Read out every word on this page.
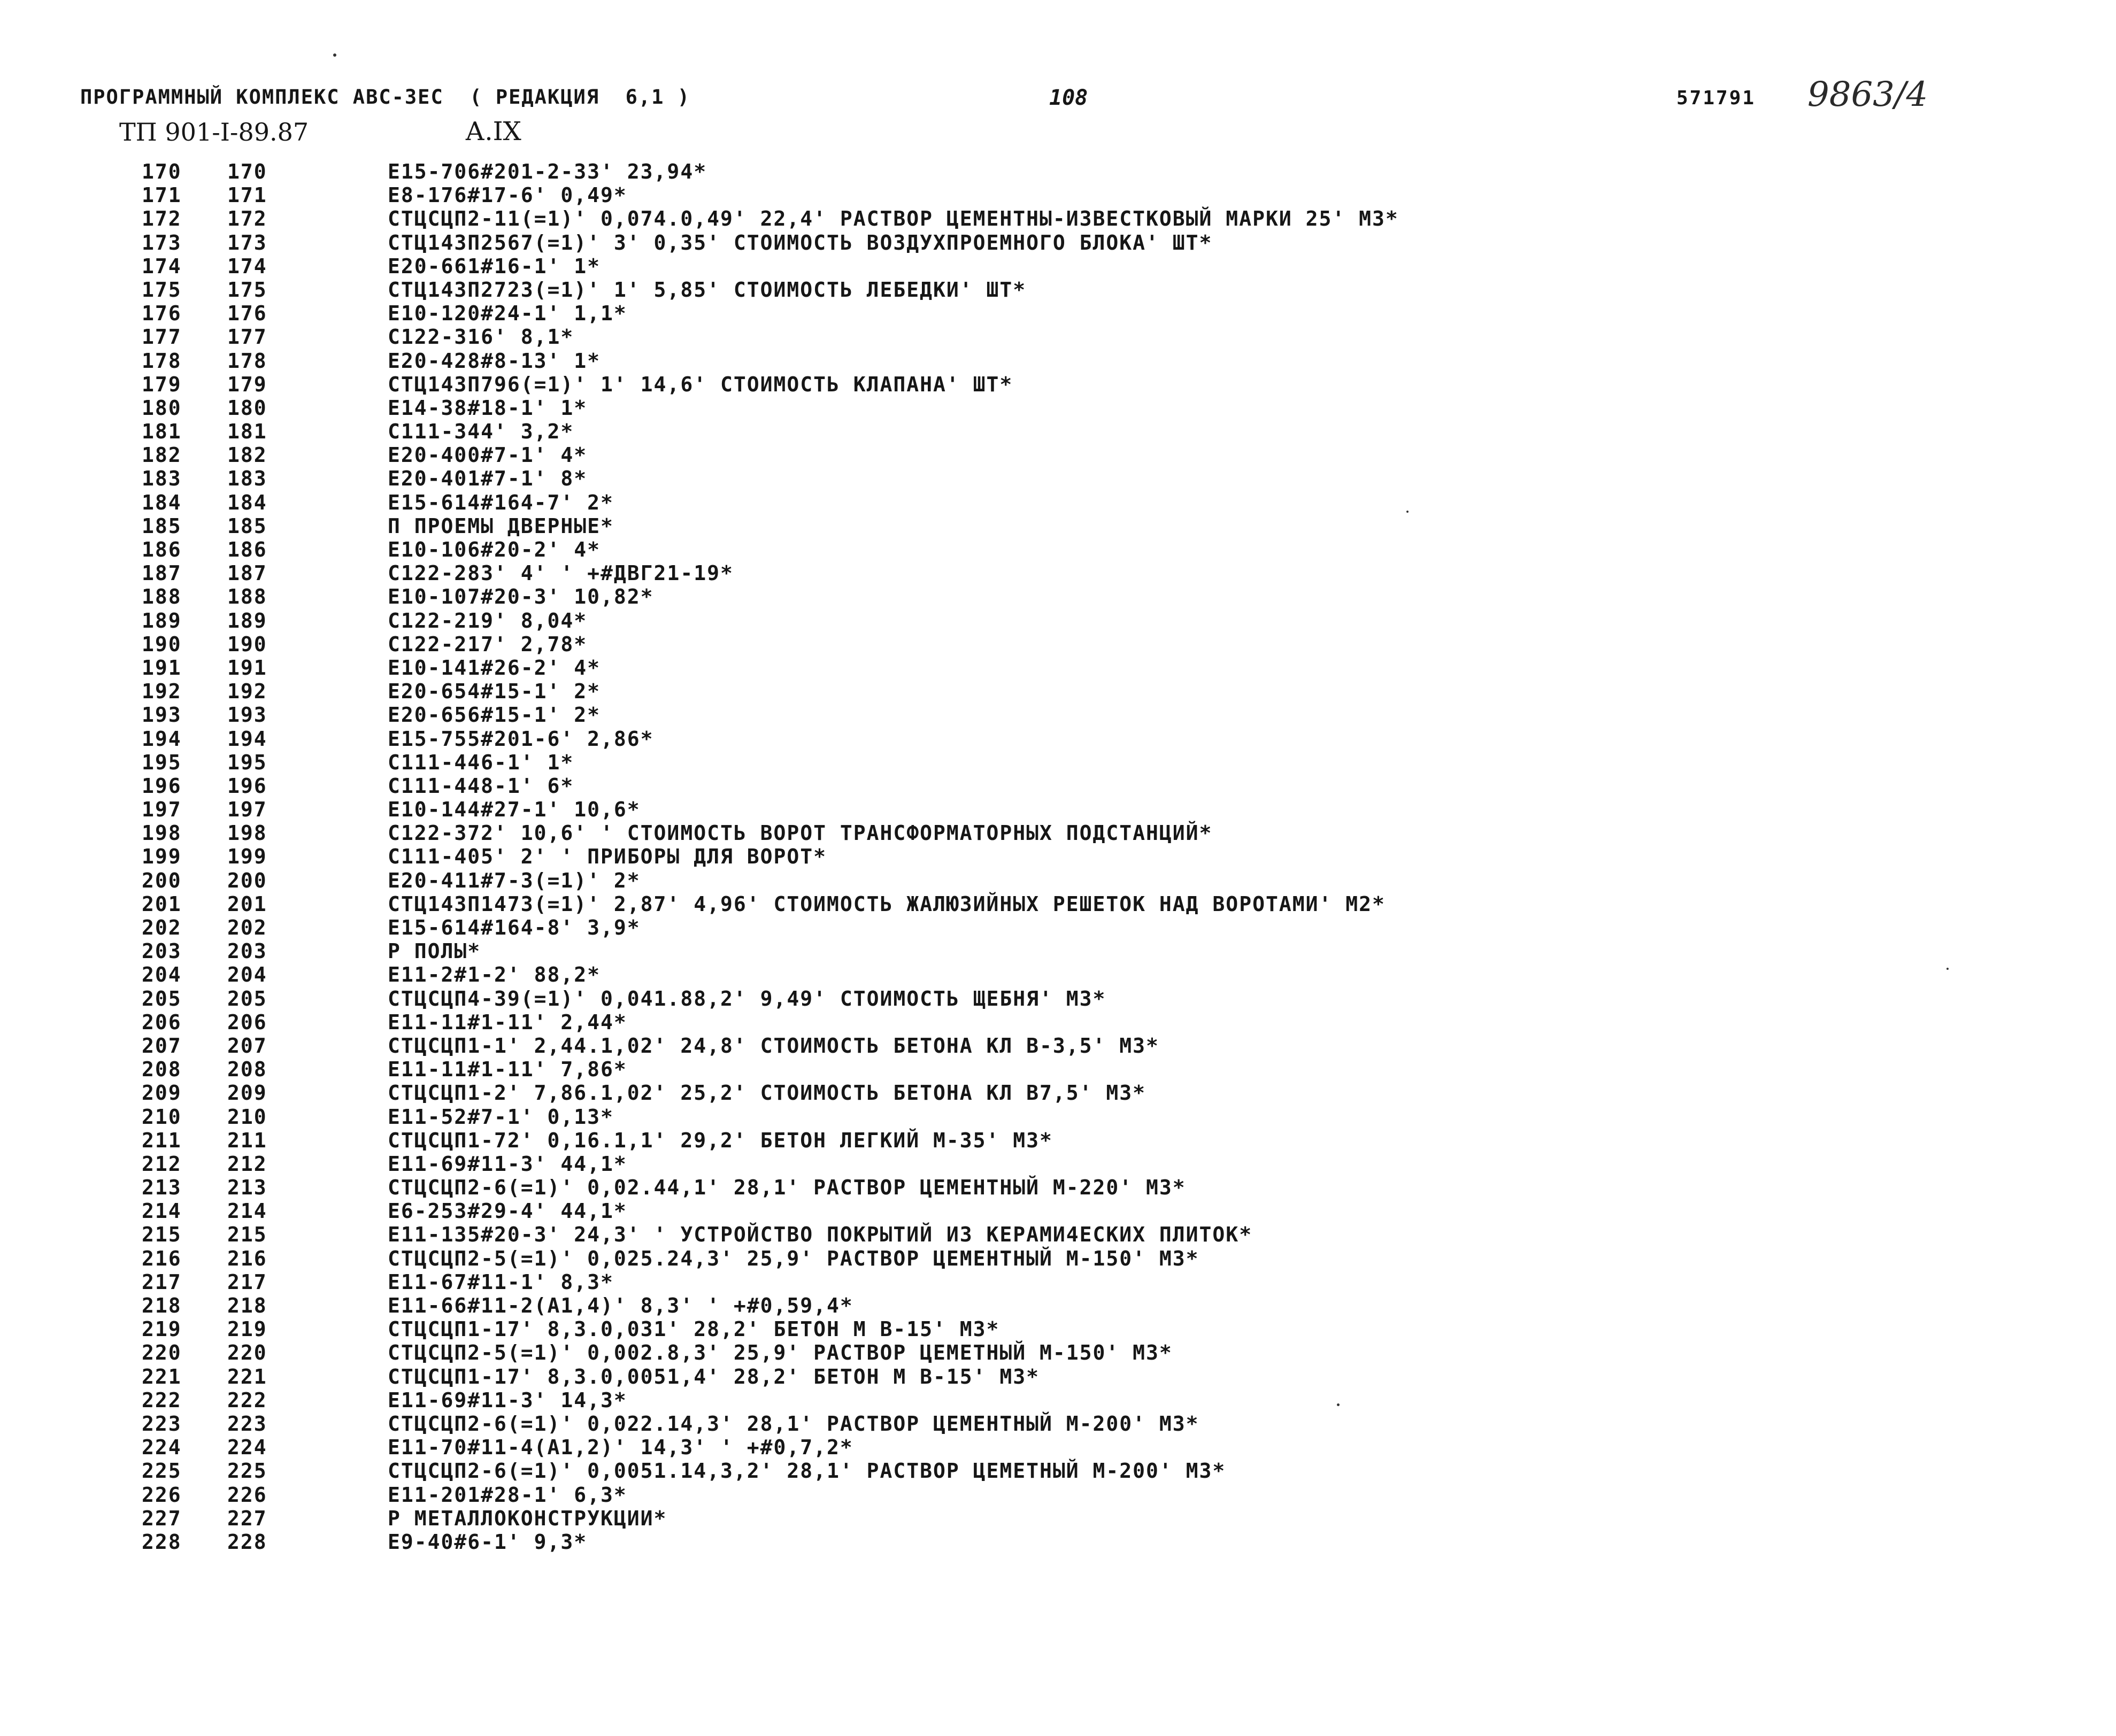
ПРОГРАММНЫЙ КОМПЛЕКС АВС-3ЕС  ( РЕДАКЦИЯ  6,1 )	108	571791 9863/4
ТП 901-I-89.87	А.IX
170 170	Е15-706#201-2-33' 23,94*
171 171	Е8-176#17-6' 0,49*
172 172	СТЦСЦП2-11(=1)' 0,074.0,49' 22,4' РАСТВОР ЦЕМЕНТНЫ-ИЗВЕСТКОВЫЙ МАРКИ 25' М3*
173 173	СТЦ143П2567(=1)' 3' 0,35' СТОИМОСТЬ ВОЗДУХПРОЕМНОГО БЛОКА' ШТ*
174 174	Е20-661#16-1' 1*
175 175	СТЦ143П2723(=1)' 1' 5,85' СТОИМОСТЬ ЛЕБЕДКИ' ШТ*
176 176	Е10-120#24-1' 1,1*
177 177	С122-316' 8,1*
178 178	Е20-428#8-13' 1*
179 179	СТЦ143П796(=1)' 1' 14,6' СТОИМОСТЬ КЛАПАНА' ШТ*
180 180	Е14-38#18-1' 1*
181 181	С111-344' 3,2*
182 182	Е20-400#7-1' 4*
183 183	Е20-401#7-1' 8*
184 184	Е15-614#164-7' 2*
185 185	П ПРОЕМЫ ДВЕРНЫЕ*
186 186	Е10-106#20-2' 4*
187 187	С122-283' 4' ' +#ДВГ21-19*
188 188	Е10-107#20-3' 10,82*
189 189	С122-219' 8,04*
190 190	С122-217' 2,78*
191 191	Е10-141#26-2' 4*
192 192	Е20-654#15-1' 2*
193 193	Е20-656#15-1' 2*
194 194	Е15-755#201-6' 2,86*
195 195	С111-446-1' 1*
196 196	С111-448-1' 6*
197 197	Е10-144#27-1' 10,6*
198 198	С122-372' 10,6' ' СТОИМОСТЬ ВОРОТ ТРАНСФОРМАТОРНЫХ ПОДСТАНЦИЙ*
199 199	С111-405' 2' ' ПРИБОРЫ ДЛЯ ВОРОТ*
200 200	Е20-411#7-3(=1)' 2*
201 201	СТЦ143П1473(=1)' 2,87' 4,96' СТОИМОСТЬ ЖАЛЮЗИЙНЫХ РЕШЕТОК НАД ВОРОТАМИ' М2*
202 202	Е15-614#164-8' 3,9*
203 203	Р ПОЛЫ*
204 204	Е11-2#1-2' 88,2*
205 205	СТЦСЦП4-39(=1)' 0,041.88,2' 9,49' СТОИМОСТЬ ЩЕБНЯ' М3*
206 206	Е11-11#1-11' 2,44*
207 207	СТЦСЦП1-1' 2,44.1,02' 24,8' СТОИМОСТЬ БЕТОНА КЛ В-3,5' М3*
208 208	Е11-11#1-11' 7,86*
209 209	СТЦСЦП1-2' 7,86.1,02' 25,2' СТОИМОСТЬ БЕТОНА КЛ В7,5' М3*
210 210	Е11-52#7-1' 0,13*
211 211	СТЦСЦП1-72' 0,16.1,1' 29,2' БЕТОН ЛЕГКИЙ М-35' М3*
212 212	Е11-69#11-3' 44,1*
213 213	СТЦСЦП2-6(=1)' 0,02.44,1' 28,1' РАСТВОР ЦЕМЕНТНЫЙ М-220' М3*
214 214	Е6-253#29-4' 44,1*
215 215	Е11-135#20-3' 24,3' ' УСТРОЙСТВО ПОКРЫТИЙ ИЗ КЕРАМИ4ЕСКИХ ПЛИТОК*
216 216	СТЦСЦП2-5(=1)' 0,025.24,3' 25,9' РАСТВОР ЦЕМЕНТНЫЙ М-150' М3*
217 217	Е11-67#11-1' 8,3*
218 218	Е11-66#11-2(А1,4)' 8,3' ' +#0,59,4*
219 219	СТЦСЦП1-17' 8,3.0,031' 28,2' БЕТОН М В-15' М3*
220 220	СТЦСЦП2-5(=1)' 0,002.8,3' 25,9' РАСТВОР ЦЕМЕТНЫЙ М-150' М3*
221 221	СТЦСЦП1-17' 8,3.0,0051,4' 28,2' БЕТОН М В-15' М3*
222 222	Е11-69#11-3' 14,3*
223 223	СТЦСЦП2-6(=1)' 0,022.14,3' 28,1' РАСТВОР ЦЕМЕНТНЫЙ М-200' М3*
224 224	Е11-70#11-4(А1,2)' 14,3' ' +#0,7,2*
225 225	СТЦСЦП2-6(=1)' 0,0051.14,3,2' 28,1' РАСТВОР ЦЕМЕТНЫЙ М-200' М3*
226 226	Е11-201#28-1' 6,3*
227 227	Р МЕТАЛЛОКОНСТРУКЦИИ*
228 228	Е9-40#6-1' 9,3*
